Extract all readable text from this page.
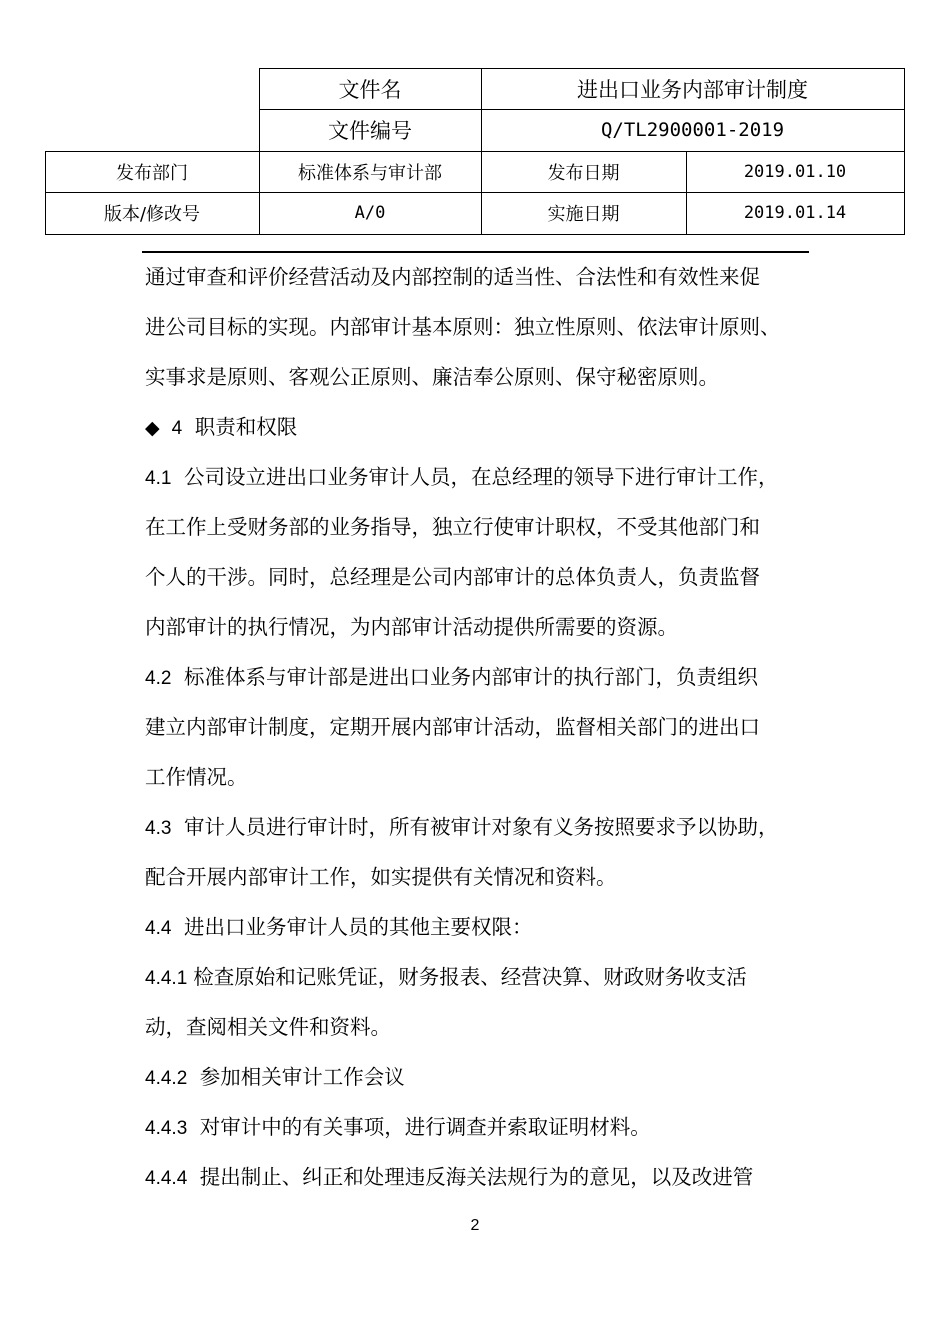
文件名	进出口业务内部审计制度
文件编号	Q/TL2900001-2019
发布部门	标准体系与审计部	发布日期	2019.01.10
版本/修改号	A/0	实施日期	2019.01.14
通过审查和评价经营活动及内部控制的适当性、合法性和有效性来促
进公司目标的实现。内部审计基本原则：独立性原则、依法审计原则、
实事求是原则、客观公正原则、廉洁奉公原则、保守秘密原则。
◆ 4 职责和权限
4.1 公司设立进出口业务审计人员，在总经理的领导下进行审计工作，
在工作上受财务部的业务指导，独立行使审计职权，不受其他部门和
个人的干涉。同时，总经理是公司内部审计的总体负责人，负责监督
内部审计的执行情况，为内部审计活动提供所需要的资源。
4.2 标准体系与审计部是进出口业务内部审计的执行部门，负责组织
建立内部审计制度，定期开展内部审计活动，监督相关部门的进出口
工作情况。
4.3 审计人员进行审计时，所有被审计对象有义务按照要求予以协助，
配合开展内部审计工作，如实提供有关情况和资料。
4.4 进出口业务审计人员的其他主要权限：
4.4.1 检查原始和记账凭证，财务报表、经营决算、财政财务收支活
动，查阅相关文件和资料。
4.4.2 参加相关审计工作会议
4.4.3 对审计中的有关事项，进行调查并索取证明材料。
4.4.4 提出制止、纠正和处理违反海关法规行为的意见，以及改进管
2
